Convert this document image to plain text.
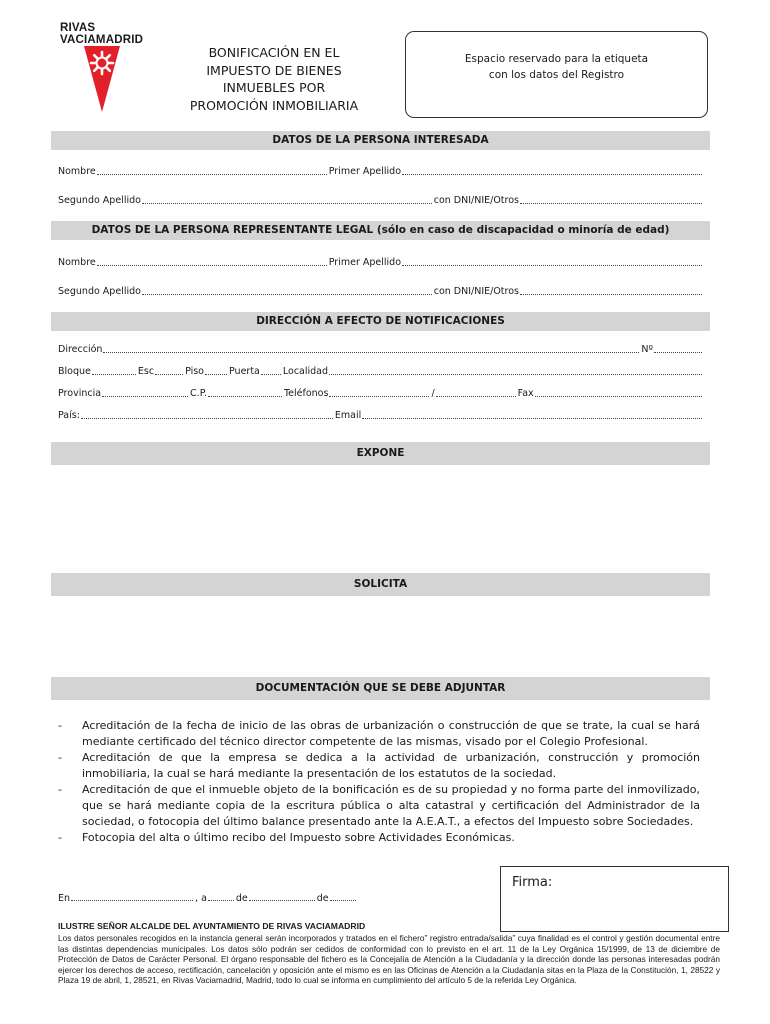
RIVAS
VACIAMADRID
BONIFICACIÓN EN EL
IMPUESTO DE BIENES
INMUEBLES POR
PROMOCIÓN INMOBILIARIA
Espacio reservado para la etiqueta
con los datos del Registro
DATOS DE LA PERSONA INTERESADA
Nombre	Primer Apellido
Segundo Apellido	con DNI/NIE/Otros
DATOS DE LA PERSONA REPRESENTANTE LEGAL (sólo en caso de discapacidad o minoría de edad)
Nombre	Primer Apellido
Segundo Apellido	con DNI/NIE/Otros
DIRECCIÓN A EFECTO DE NOTIFICACIONES
Dirección	Nº
Bloque	Esc	Piso	Puerta Localidad
Provincia	C.P.	Teléfonos	/	Fax
País:	Email
EXPONE
SOLICITA
DOCUMENTACIÓN QUE SE DEBE ADJUNTAR
-	Acreditación de la fecha de inicio de las obras de urbanización o construcción de que se trate, la cual se hará mediante certificado del técnico director competente de las mismas, visado por el Colegio Profesional.
-	Acreditación de que la empresa se dedica a la actividad de urbanización, construcción y promoción inmobiliaria, la cual se hará mediante la presentación de los estatutos de la sociedad.
-	Acreditación de que el inmueble objeto de la bonificación es de su propiedad y no forma parte del inmovilizado, que se hará mediante copia de la escritura pública o alta catastral y certificación del Administrador de la sociedad, o fotocopia del último balance presentado ante la A.E.A.T., a efectos del Impuesto sobre Sociedades.
-	Fotocopia del alta o último recibo del Impuesto sobre Actividades Económicas.
En	, a	de	de
Firma:
ILUSTRE SEÑOR ALCALDE DEL AYUNTAMIENTO DE RIVAS VACIAMADRID
Los datos personales recogidos en la instancia general serán incorporados y tratados en el fichero” registro entrada/salida” cuya finalidad es el control y gestión documental entre las distintas dependencias municipales. Los datos sólo podrán ser cedidos de conformidad con lo previsto en el art. 11 de la Ley Orgánica 15/1999, de 13 de diciembre de Protección de Datos de Carácter Personal. El órgano responsable del fichero es la Concejalía de Atención a la Ciudadanía y la dirección donde las personas interesadas podrán ejercer los derechos de acceso, rectificación, cancelación y oposición ante el mismo es en las Oficinas de Atención a la Ciudadanía sitas en la Plaza de la Constitución, 1, 28522 y Plaza 19 de abril, 1, 28521, en Rivas Vaciamadrid, Madrid, todo lo cual se informa en cumplimiento del artículo 5 de la referida Ley Orgánica.
